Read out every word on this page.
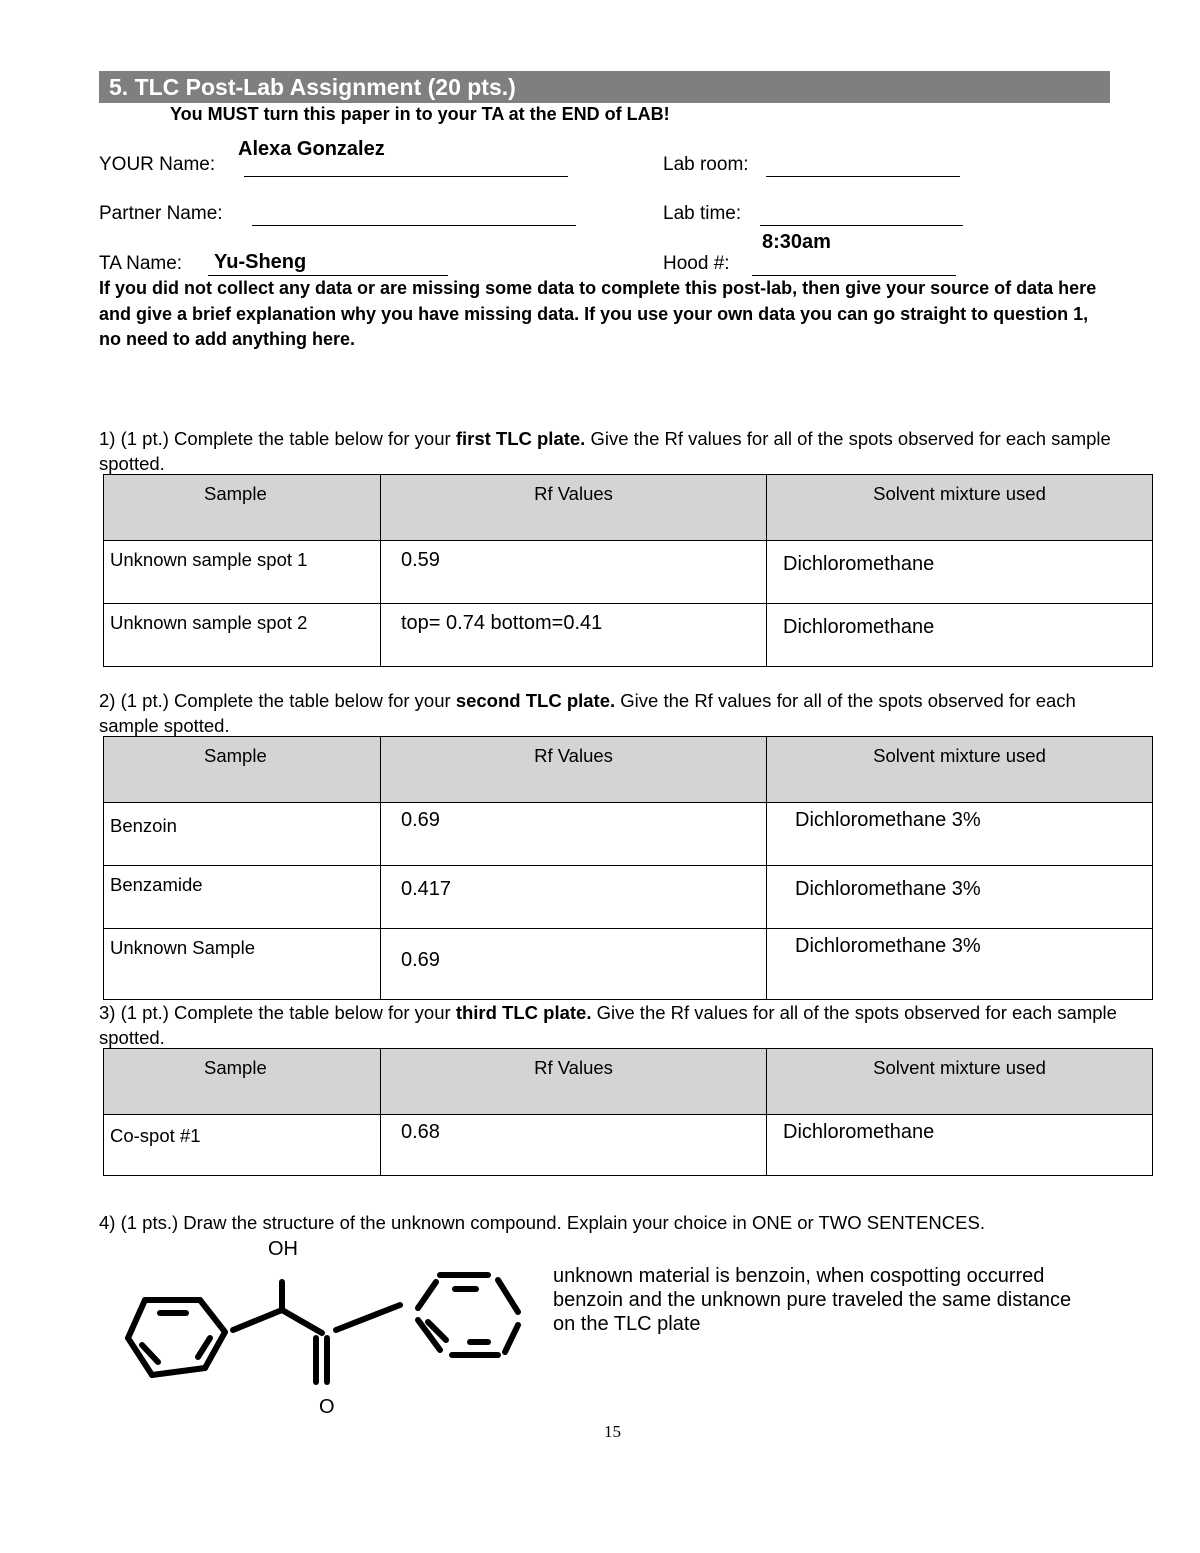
5. TLC Post-Lab Assignment (20 pts.)
You MUST turn this paper in to your TA at the END of LAB!
YOUR Name:
Alexa Gonzalez
Lab room:
Partner Name:	Lab time:
8:30am
TA Name: Yu-Sheng	Hood #:
If you did not collect any data or are missing some data to complete this post-lab, then give your source of data here and give a brief explanation why you have missing data. If you use your own data you can go straight to question 1, no need to add anything here.
1) (1 pt.) Complete the table below for your first TLC plate. Give the Rf values for all of the spots observed for each sample spotted.
Sample	Rf Values	Solvent mixture used
Unknown sample spot 1	0.59	Dichloromethane
Unknown sample spot 2	top= 0.74 bottom=0.41	Dichloromethane
2) (1 pt.) Complete the table below for your second TLC plate. Give the Rf values for all of the spots observed for each sample spotted.
Sample	Rf Values	Solvent mixture used
Benzoin	0.69	Dichloromethane 3%
Benzamide	0.417	Dichloromethane 3%
Unknown Sample	0.69	Dichloromethane 3%
3) (1 pt.) Complete the table below for your third TLC plate. Give the Rf values for all of the spots observed for each sample spotted.
Sample	Rf Values	Solvent mixture used
Co-spot #1	0.68	Dichloromethane
4) (1 pts.) Draw the structure of the unknown compound. Explain your choice in ONE or TWO SENTENCES.
OH
O
unknown material is benzoin, when cospotting occurred benzoin and the unknown pure traveled the same distance on the TLC plate
15
